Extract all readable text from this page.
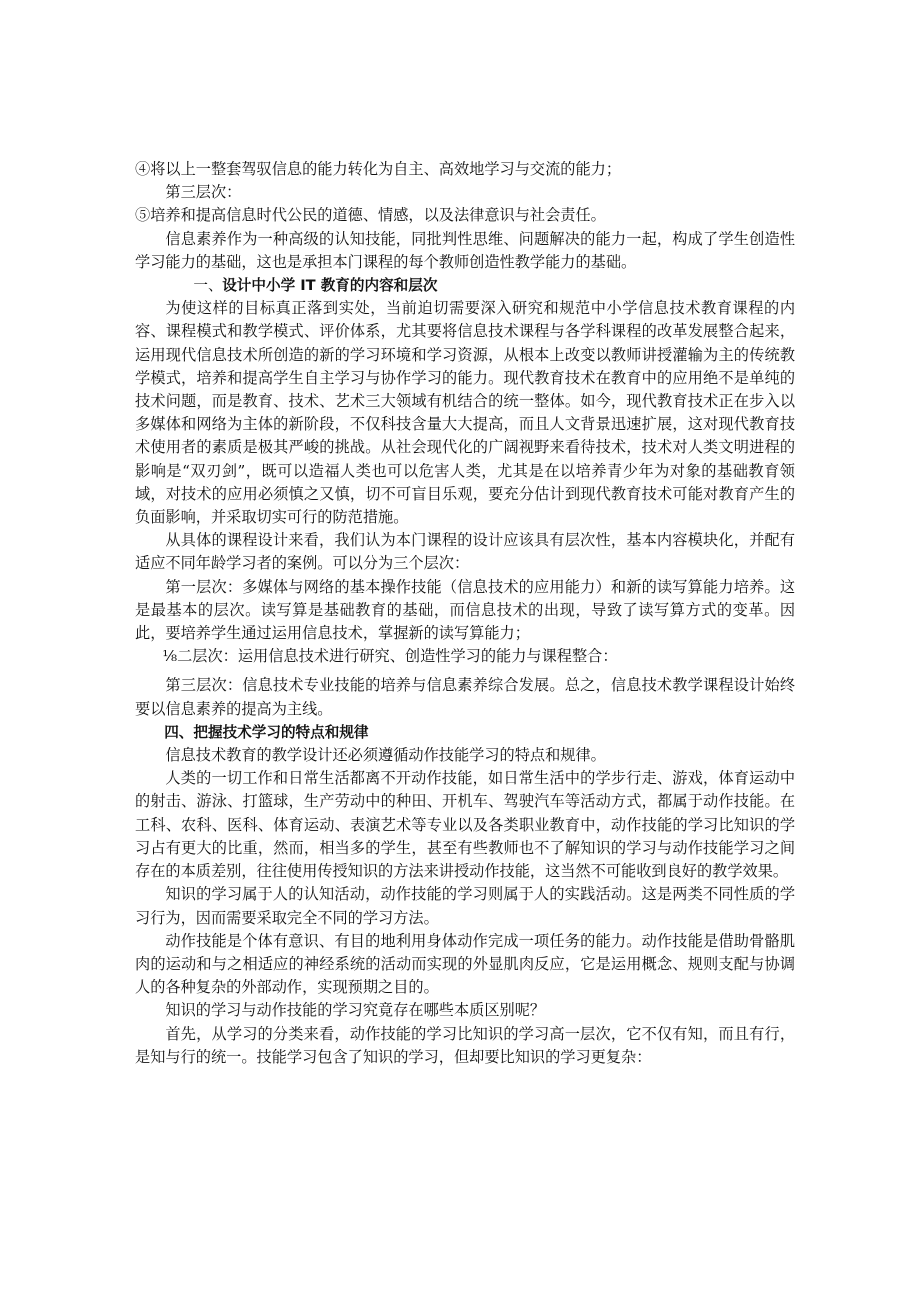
④将以上一整套驾驭信息的能力转化为自主、高效地学习与交流的能力；

第三层次：

⑤培养和提高信息时代公民的道德、情感，以及法律意识与社会责任。

信息素养作为一种高级的认知技能，同批判性思维、问题解决的能力一起，构成了学生创造性学习能力的基础，这也是承担本门课程的每个教师创造性教学能力的基础。

一、设计中小学 IT 教育的内容和层次

为使这样的目标真正落到实处，当前迫切需要深入研究和规范中小学信息技术教育课程的内容、课程模式和教学模式、评价体系，尤其要将信息技术课程与各学科课程的改革发展整合起来，运用现代信息技术所创造的新的学习环境和学习资源，从根本上改变以教师讲授灌输为主的传统教学模式，培养和提高学生自主学习与协作学习的能力。现代教育技术在教育中的应用绝不是单纯的技术问题，而是教育、技术、艺术三大领域有机结合的统一整体。如今，现代教育技术正在步入以多媒体和网络为主体的新阶段，不仅科技含量大大提高，而且人文背景迅速扩展，这对现代教育技术使用者的素质是极其严峻的挑战。从社会现代化的广阔视野来看待技术，技术对人类文明进程的影响是“双刃剑”，既可以造福人类也可以危害人类，尤其是在以培养青少年为对象的基础教育领域，对技术的应用必须慎之又慎，切不可盲目乐观，要充分估计到现代教育技术可能对教育产生的负面影响，并采取切实可行的防范措施。

从具体的课程设计来看，我们认为本门课程的设计应该具有层次性，基本内容模块化，并配有适应不同年龄学习者的案例。可以分为三个层次：

第一层次：多媒体与网络的基本操作技能（信息技术的应用能力）和新的读写算能力培养。这是最基本的层次。读写算是基础教育的基础，而信息技术的出现，导致了读写算方式的变革。因此，要培养学生通过运用信息技术，掌握新的读写算能力；

⅛二层次：运用信息技术进行研究、创造性学习的能力与课程整合：

第三层次：信息技术专业技能的培养与信息素养综合发展。总之，信息技术教学课程设计始终要以信息素养的提高为主线。

四、把握技术学习的特点和规律

信息技术教育的教学设计还必须遵循动作技能学习的特点和规律。

人类的一切工作和日常生活都离不开动作技能，如日常生活中的学步行走、游戏，体育运动中的射击、游泳、打篮球，生产劳动中的种田、开机车、驾驶汽车等活动方式，都属于动作技能。在工科、农科、医科、体育运动、表演艺术等专业以及各类职业教育中，动作技能的学习比知识的学习占有更大的比重，然而，相当多的学生，甚至有些教师也不了解知识的学习与动作技能学习之间存在的本质差别，往往使用传授知识的方法来讲授动作技能，这当然不可能收到良好的教学效果。

知识的学习属于人的认知活动，动作技能的学习则属于人的实践活动。这是两类不同性质的学习行为，因而需要采取完全不同的学习方法。

动作技能是个体有意识、有目的地利用身体动作完成一项任务的能力。动作技能是借助骨骼肌肉的运动和与之相适应的神经系统的活动而实现的外显肌肉反应，它是运用概念、规则支配与协调人的各种复杂的外部动作，实现预期之目的。

知识的学习与动作技能的学习究竟存在哪些本质区别呢？

首先，从学习的分类来看，动作技能的学习比知识的学习高一层次，它不仅有知，而且有行，是知与行的统一。技能学习包含了知识的学习，但却要比知识的学习更复杂：
